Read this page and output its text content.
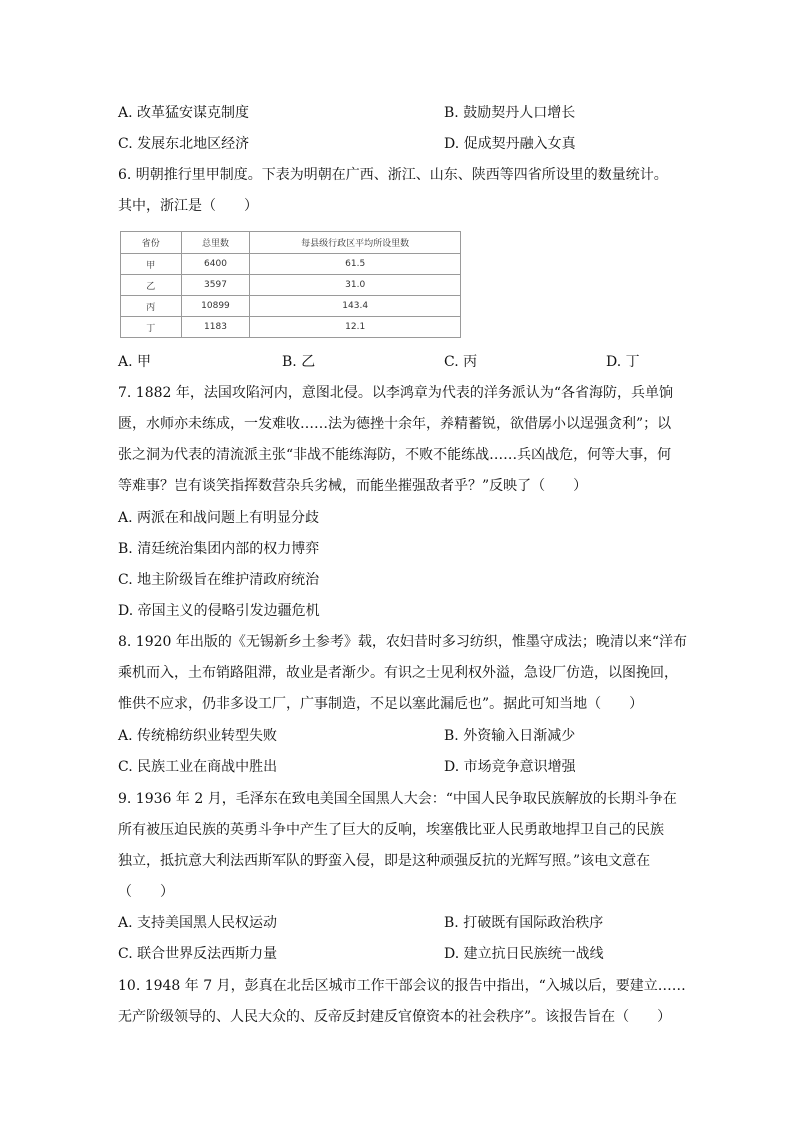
A. 改革猛安谋克制度	B. 鼓励契丹人口增长
C. 发展东北地区经济	D. 促成契丹融入女真
6. 明朝推行里甲制度。下表为明朝在广西、浙江、山东、陕西等四省所设里的数量统计。
其中，浙江是（　　）
省份	总里数	每县级行政区平均所设里数
甲	6400	61.5
乙	3597	31.0
丙	10899	143.4
丁	1183	12.1
A. 甲	B. 乙	C. 丙	D. 丁
7. 1882 年，法国攻陷河内，意图北侵。以李鸿章为代表的洋务派认为“各省海防，兵单饷
匮，水师亦未练成，一发难收……法为德挫十余年，养精蓄锐，欲借孱小以逞强贪利”；以
张之洞为代表的清流派主张“非战不能练海防，不败不能练战……兵凶战危，何等大事，何
等难事？岂有谈笑指挥数营杂兵劣械，而能坐摧强敌者乎？”反映了（　　）
A. 两派在和战问题上有明显分歧
B. 清廷统治集团内部的权力博弈
C. 地主阶级旨在维护清政府统治
D. 帝国主义的侵略引发边疆危机
8. 1920 年出版的《无锡新乡土参考》载，农妇昔时多习纺织，惟墨守成法；晚清以来“洋布
乘机而入，土布销路阻滞，故业是者渐少。有识之士见利权外溢，急设厂仿造，以图挽回，
惟供不应求，仍非多设工厂，广事制造，不足以塞此漏卮也”。据此可知当地（　　）
A. 传统棉纺织业转型失败	B. 外资输入日渐减少
C. 民族工业在商战中胜出	D. 市场竞争意识增强
9. 1936 年 2 月，毛泽东在致电美国全国黑人大会：“中国人民争取民族解放的长期斗争在
所有被压迫民族的英勇斗争中产生了巨大的反响，埃塞俄比亚人民勇敢地捍卫自己的民族
独立，抵抗意大利法西斯军队的野蛮入侵，即是这种顽强反抗的光辉写照。”该电文意在
（　　）
A. 支持美国黑人民权运动	B. 打破既有国际政治秩序
C. 联合世界反法西斯力量	D. 建立抗日民族统一战线
10. 1948 年 7 月，彭真在北岳区城市工作干部会议的报告中指出，“入城以后，要建立……
无产阶级领导的、人民大众的、反帝反封建反官僚资本的社会秩序”。该报告旨在（　　）
